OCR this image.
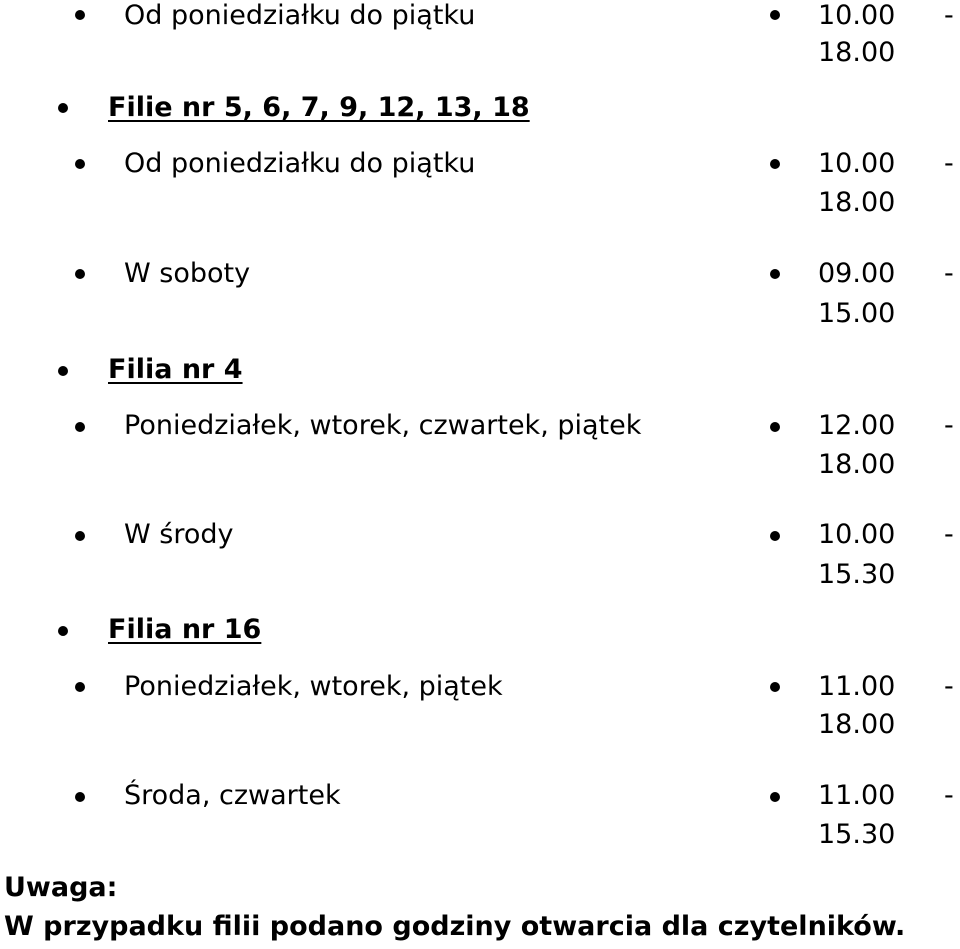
Od poniedziałku do piątku	10.00 -
18.00
Filie nr 5, 6, 7, 9, 12, 13, 18
Od poniedziałku do piątku	10.00 -
18.00
W soboty	09.00 -
15.00
Filia nr 4
Poniedziałek, wtorek, czwartek, piątek	12.00 -
18.00
W środy	10.00 -
15.30
Filia nr 16
Poniedziałek, wtorek, piątek	11.00 -
18.00
Środa, czwartek	11.00 -
15.30
Uwaga:
W przypadku filii podano godziny otwarcia dla czytelników.
